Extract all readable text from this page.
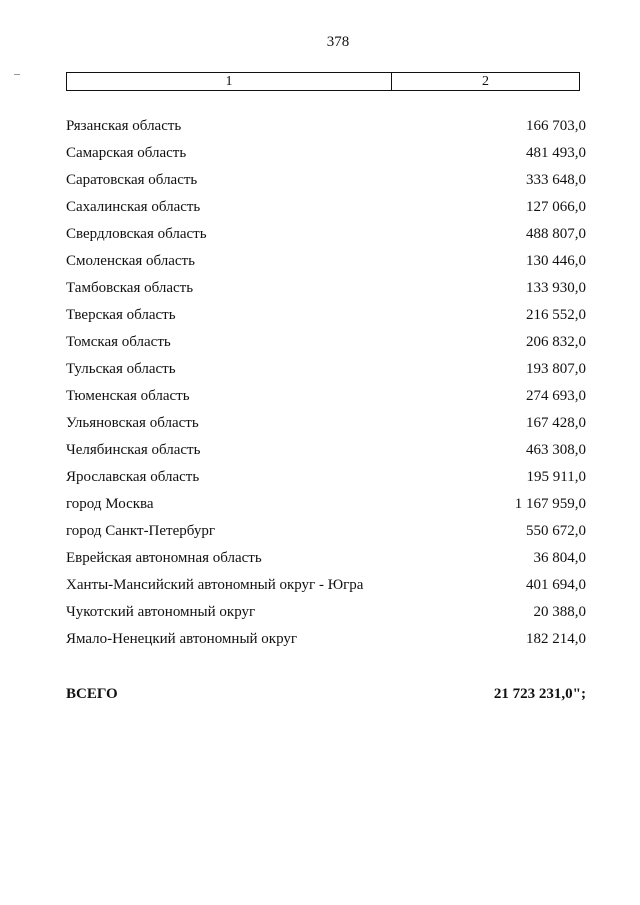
378
1	2
Рязанская область	166 703,0
Самарская область	481 493,0
Саратовская область	333 648,0
Сахалинская область	127 066,0
Свердловская область	488 807,0
Смоленская область	130 446,0
Тамбовская область	133 930,0
Тверская область	216 552,0
Томская область	206 832,0
Тульская область	193 807,0
Тюменская область	274 693,0
Ульяновская область	167 428,0
Челябинская область	463 308,0
Ярославская область	195 911,0
город Москва	1 167 959,0
город Санкт-Петербург	550 672,0
Еврейская автономная область	36 804,0
Ханты-Мансийский автономный округ - Югра	401 694,0
Чукотский автономный округ	20 388,0
Ямало-Ненецкий автономный округ	182 214,0
ВСЕГО	21 723 231,0";
